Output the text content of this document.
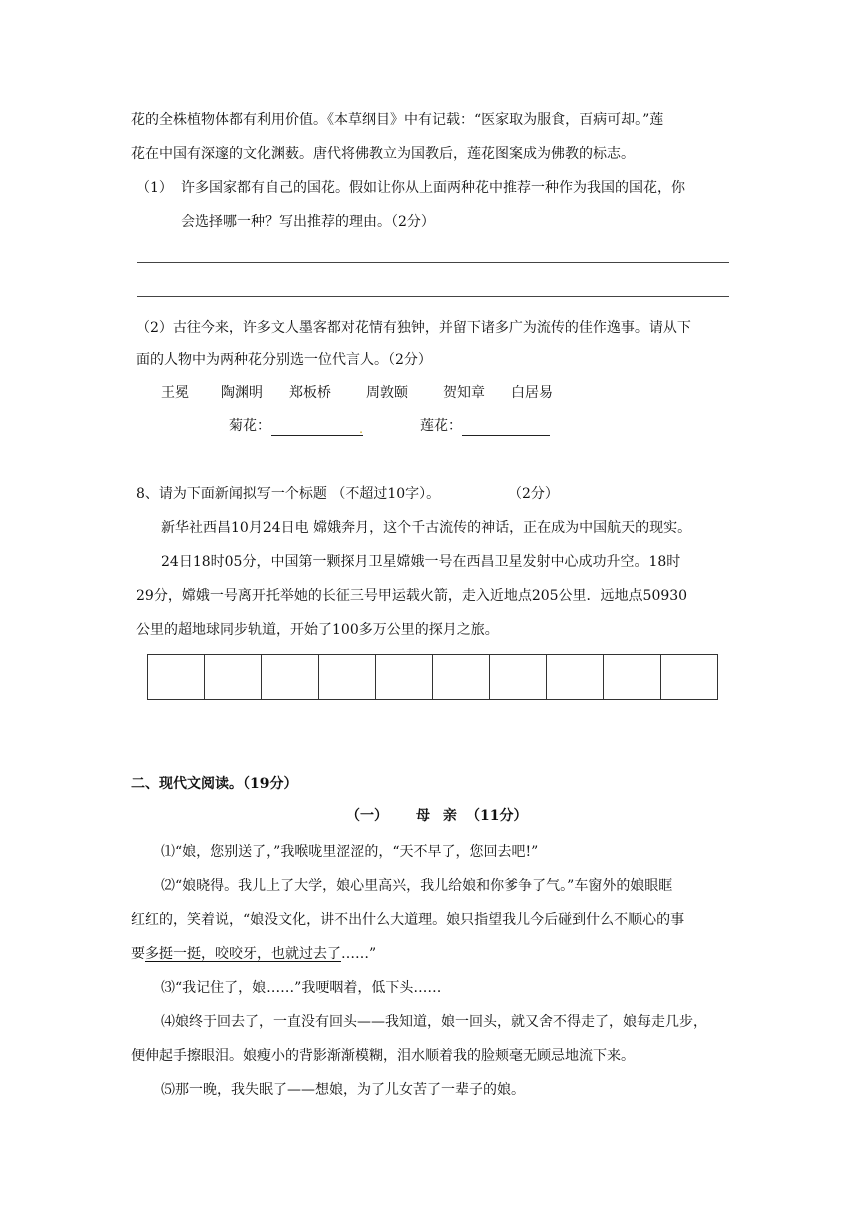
花的全株植物体都有利用价值。《本草纲目》中有记载：“医家取为服食，百病可却。”莲
花在中国有深邃的文化渊薮。唐代将佛教立为国教后，莲花图案成为佛教的标志。
（1） 许多国家都有自己的国花。假如让你从上面两种花中推荐一种作为我国的国花，你
会选择哪一种？写出推荐的理由。（2分）
（2）古往今来，许多文人墨客都对花情有独钟，并留下诸多广为流传的佳作逸事。请从下
面的人物中为两种花分别选一位代言人。（2分）
王冕 陶渊明 郑板桥	周敦颐	贺知章 白居易
菊花：	.	莲花：
8、请为下面新闻拟写一个标题 （不超过10字）。	（2分）
新华社西昌10月24日电 嫦娥奔月，这个千古流传的神话，正在成为中国航天的现实。
24日18时05分，中国第一颗探月卫星嫦娥一号在西昌卫星发射中心成功升空。18时
29分，嫦娥一号离开托举她的长征三号甲运载火箭，走入近地点205公里．远地点50930
公里的超地球同步轨道，开始了100多万公里的探月之旅。

二、现代文阅读。（19分）
（一） 母 亲 （11分）
⑴“娘，您别送了，”我喉咙里涩涩的，“天不早了，您回去吧!”
⑵“娘晓得。我儿上了大学，娘心里高兴，我儿给娘和你爹争了气。”车窗外的娘眼眶
红红的，笑着说，“娘没文化，讲不出什么大道理。娘只指望我儿今后碰到什么不顺心的事
要多挺一挺，咬咬牙，也就过去了……”
⑶“我记住了，娘……”我哽咽着，低下头……
⑷娘终于回去了，一直没有回头——我知道，娘一回头，就又舍不得走了，娘每走几步，
便伸起手擦眼泪。娘瘦小的背影渐渐模糊，泪水顺着我的脸颊毫无顾忌地流下来。
⑸那一晚，我失眠了——想娘，为了儿女苦了一辈子的娘。
